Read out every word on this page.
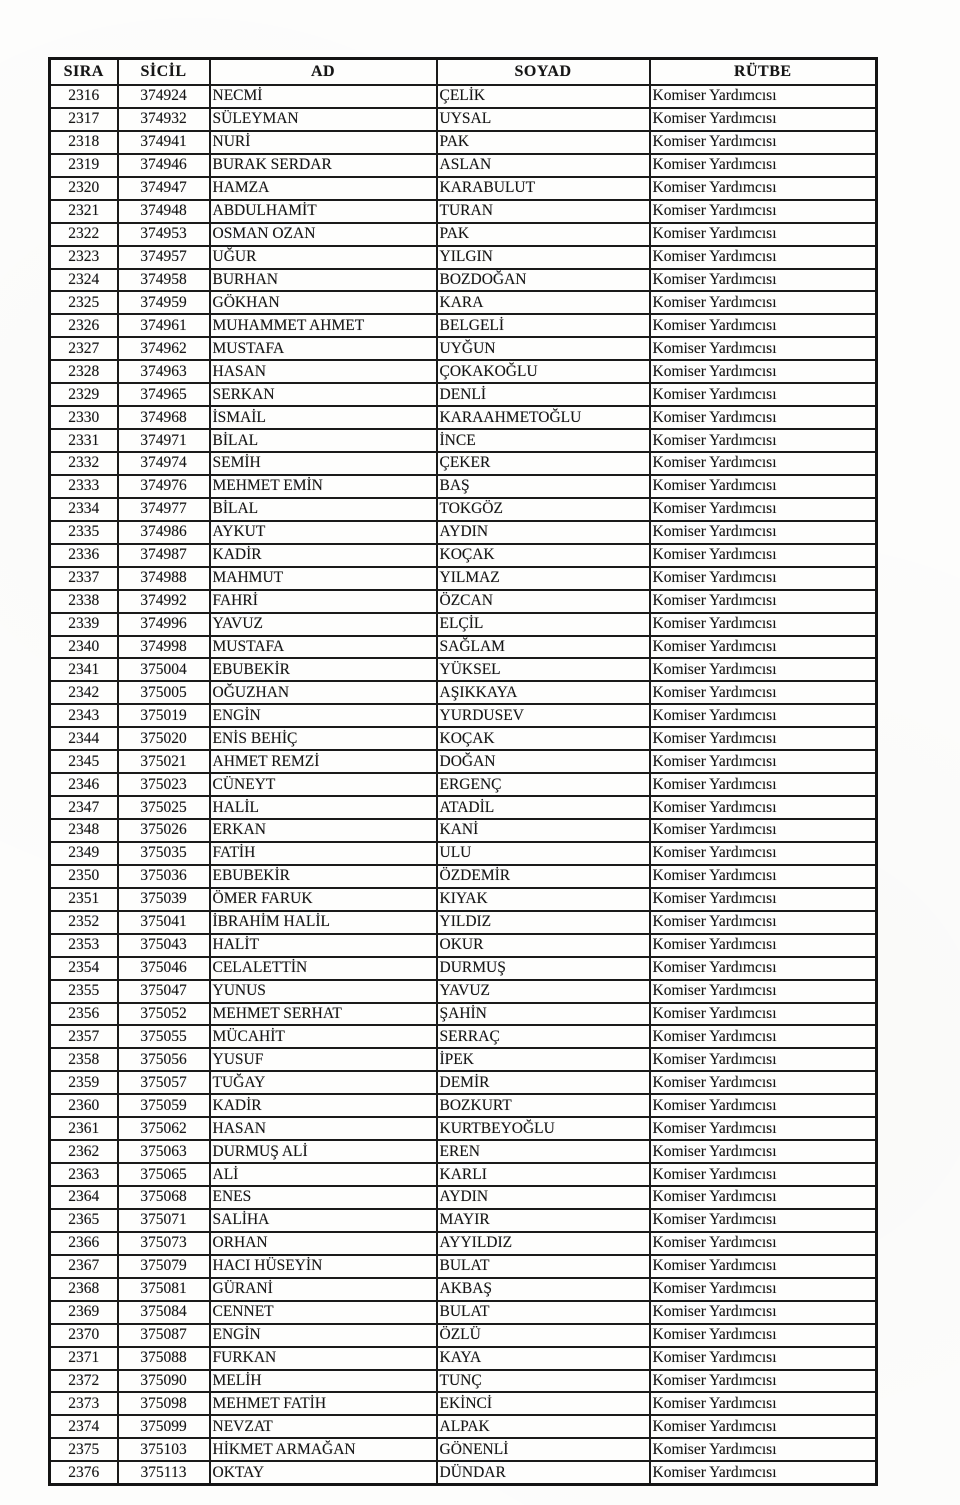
SIRA	SİCİL	AD	SOYAD	RÜTBE
2316	374924	NECMİ	ÇELİK	Komiser Yardımcısı
2317	374932	SÜLEYMAN	UYSAL	Komiser Yardımcısı
2318	374941	NURİ	PAK	Komiser Yardımcısı
2319	374946	BURAK SERDAR	ASLAN	Komiser Yardımcısı
2320	374947	HAMZA	KARABULUT	Komiser Yardımcısı
2321	374948	ABDULHAMİT	TURAN	Komiser Yardımcısı
2322	374953	OSMAN OZAN	PAK	Komiser Yardımcısı
2323	374957	UĞUR	YILGIN	Komiser Yardımcısı
2324	374958	BURHAN	BOZDOĞAN	Komiser Yardımcısı
2325	374959	GÖKHAN	KARA	Komiser Yardımcısı
2326	374961	MUHAMMET AHMET	BELGELİ	Komiser Yardımcısı
2327	374962	MUSTAFA	UYĞUN	Komiser Yardımcısı
2328	374963	HASAN	ÇOKAKOĞLU	Komiser Yardımcısı
2329	374965	SERKAN	DENLİ	Komiser Yardımcısı
2330	374968	İSMAİL	KARAAHMETOĞLU	Komiser Yardımcısı
2331	374971	BİLAL	İNCE	Komiser Yardımcısı
2332	374974	SEMİH	ÇEKER	Komiser Yardımcısı
2333	374976	MEHMET EMİN	BAŞ	Komiser Yardımcısı
2334	374977	BİLAL	TOKGÖZ	Komiser Yardımcısı
2335	374986	AYKUT	AYDIN	Komiser Yardımcısı
2336	374987	KADİR	KOÇAK	Komiser Yardımcısı
2337	374988	MAHMUT	YILMAZ	Komiser Yardımcısı
2338	374992	FAHRİ	ÖZCAN	Komiser Yardımcısı
2339	374996	YAVUZ	ELÇİL	Komiser Yardımcısı
2340	374998	MUSTAFA	SAĞLAM	Komiser Yardımcısı
2341	375004	EBUBEKİR	YÜKSEL	Komiser Yardımcısı
2342	375005	OĞUZHAN	AŞIKKAYA	Komiser Yardımcısı
2343	375019	ENGİN	YURDUSEV	Komiser Yardımcısı
2344	375020	ENİS BEHİÇ	KOÇAK	Komiser Yardımcısı
2345	375021	AHMET REMZİ	DOĞAN	Komiser Yardımcısı
2346	375023	CÜNEYT	ERGENÇ	Komiser Yardımcısı
2347	375025	HALİL	ATADİL	Komiser Yardımcısı
2348	375026	ERKAN	KANİ	Komiser Yardımcısı
2349	375035	FATİH	ULU	Komiser Yardımcısı
2350	375036	EBUBEKİR	ÖZDEMİR	Komiser Yardımcısı
2351	375039	ÖMER FARUK	KIYAK	Komiser Yardımcısı
2352	375041	İBRAHİM HALİL	YILDIZ	Komiser Yardımcısı
2353	375043	HALİT	OKUR	Komiser Yardımcısı
2354	375046	CELALETTİN	DURMUŞ	Komiser Yardımcısı
2355	375047	YUNUS	YAVUZ	Komiser Yardımcısı
2356	375052	MEHMET SERHAT	ŞAHİN	Komiser Yardımcısı
2357	375055	MÜCAHİT	SERRAÇ	Komiser Yardımcısı
2358	375056	YUSUF	İPEK	Komiser Yardımcısı
2359	375057	TUĞAY	DEMİR	Komiser Yardımcısı
2360	375059	KADİR	BOZKURT	Komiser Yardımcısı
2361	375062	HASAN	KURTBEYOĞLU	Komiser Yardımcısı
2362	375063	DURMUŞ ALİ	EREN	Komiser Yardımcısı
2363	375065	ALİ	KARLI	Komiser Yardımcısı
2364	375068	ENES	AYDIN	Komiser Yardımcısı
2365	375071	SALİHA	MAYIR	Komiser Yardımcısı
2366	375073	ORHAN	AYYILDIZ	Komiser Yardımcısı
2367	375079	HACI HÜSEYİN	BULAT	Komiser Yardımcısı
2368	375081	GÜRANİ	AKBAŞ	Komiser Yardımcısı
2369	375084	CENNET	BULAT	Komiser Yardımcısı
2370	375087	ENGİN	ÖZLÜ	Komiser Yardımcısı
2371	375088	FURKAN	KAYA	Komiser Yardımcısı
2372	375090	MELİH	TUNÇ	Komiser Yardımcısı
2373	375098	MEHMET FATİH	EKİNCİ	Komiser Yardımcısı
2374	375099	NEVZAT	ALPAK	Komiser Yardımcısı
2375	375103	HİKMET ARMAĞAN	GÖNENLİ	Komiser Yardımcısı
2376	375113	OKTAY	DÜNDAR	Komiser Yardımcısı
